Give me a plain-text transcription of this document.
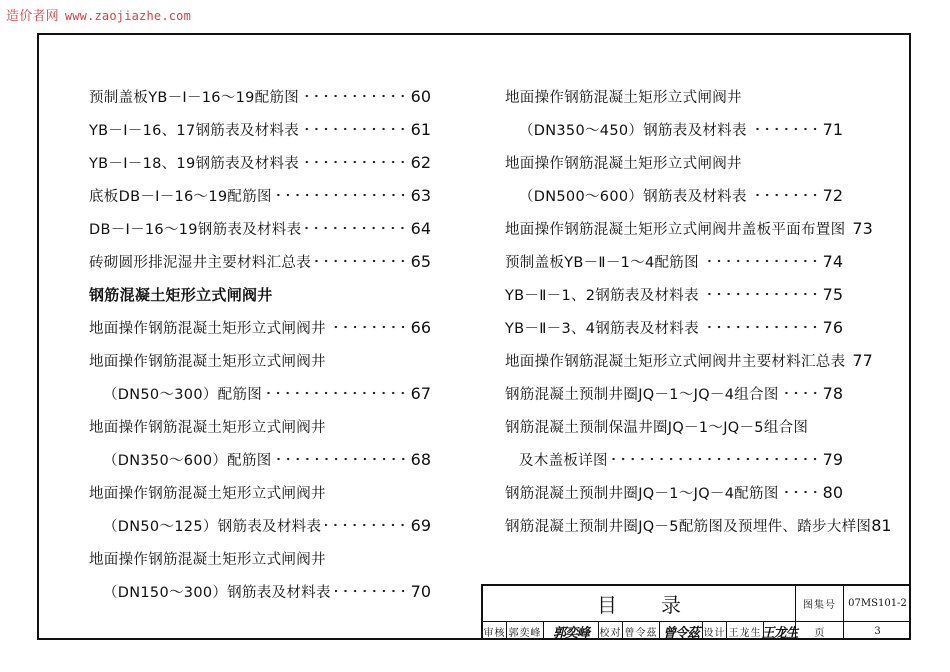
造价者网 www.zaojiazhe.com
预制盖板YB－Ⅰ－16～19配筋图	60
YB－Ⅰ－16、17钢筋表及材料表	61
YB－Ⅰ－18、19钢筋表及材料表	62
底板DB－Ⅰ－16～19配筋图	63
DB－Ⅰ－16～19钢筋表及材料表	64
砖砌圆形排泥湿井主要材料汇总表	65
钢筋混凝土矩形立式闸阀井
地面操作钢筋混凝土矩形立式闸阀井	66
地面操作钢筋混凝土矩形立式闸阀井
（DN50～300）配筋图	67
地面操作钢筋混凝土矩形立式闸阀井
（DN350～600）配筋图	68
地面操作钢筋混凝土矩形立式闸阀井
（DN50～125）钢筋表及材料表	69
地面操作钢筋混凝土矩形立式闸阀井
（DN150～300）钢筋表及材料表	70
地面操作钢筋混凝土矩形立式闸阀井
（DN350～450）钢筋表及材料表	71
地面操作钢筋混凝土矩形立式闸阀井
（DN500～600）钢筋表及材料表	72
地面操作钢筋混凝土矩形立式闸阀井盖板平面布置图 73
预制盖板YB－Ⅱ－1～4配筋图	74
YB－Ⅱ－1、2钢筋表及材料表	75
YB－Ⅱ－3、4钢筋表及材料表	76
地面操作钢筋混凝土矩形立式闸阀井主要材料汇总表 77
钢筋混凝土预制井圈JQ－1～JQ－4组合图	78
钢筋混凝土预制保温井圈JQ－1～JQ－5组合图
及木盖板详图	79
钢筋混凝土预制井圈JQ－1～JQ－4配筋图	80
钢筋混凝土预制井圈JQ－5配筋图及预埋件、踏步大样图 81
目录
审核 郭奕峰 郭奕峰	校对 曾令茲 曾令茲 设计 王龙生 王龙生
图集号	07MS101-2
页	3
